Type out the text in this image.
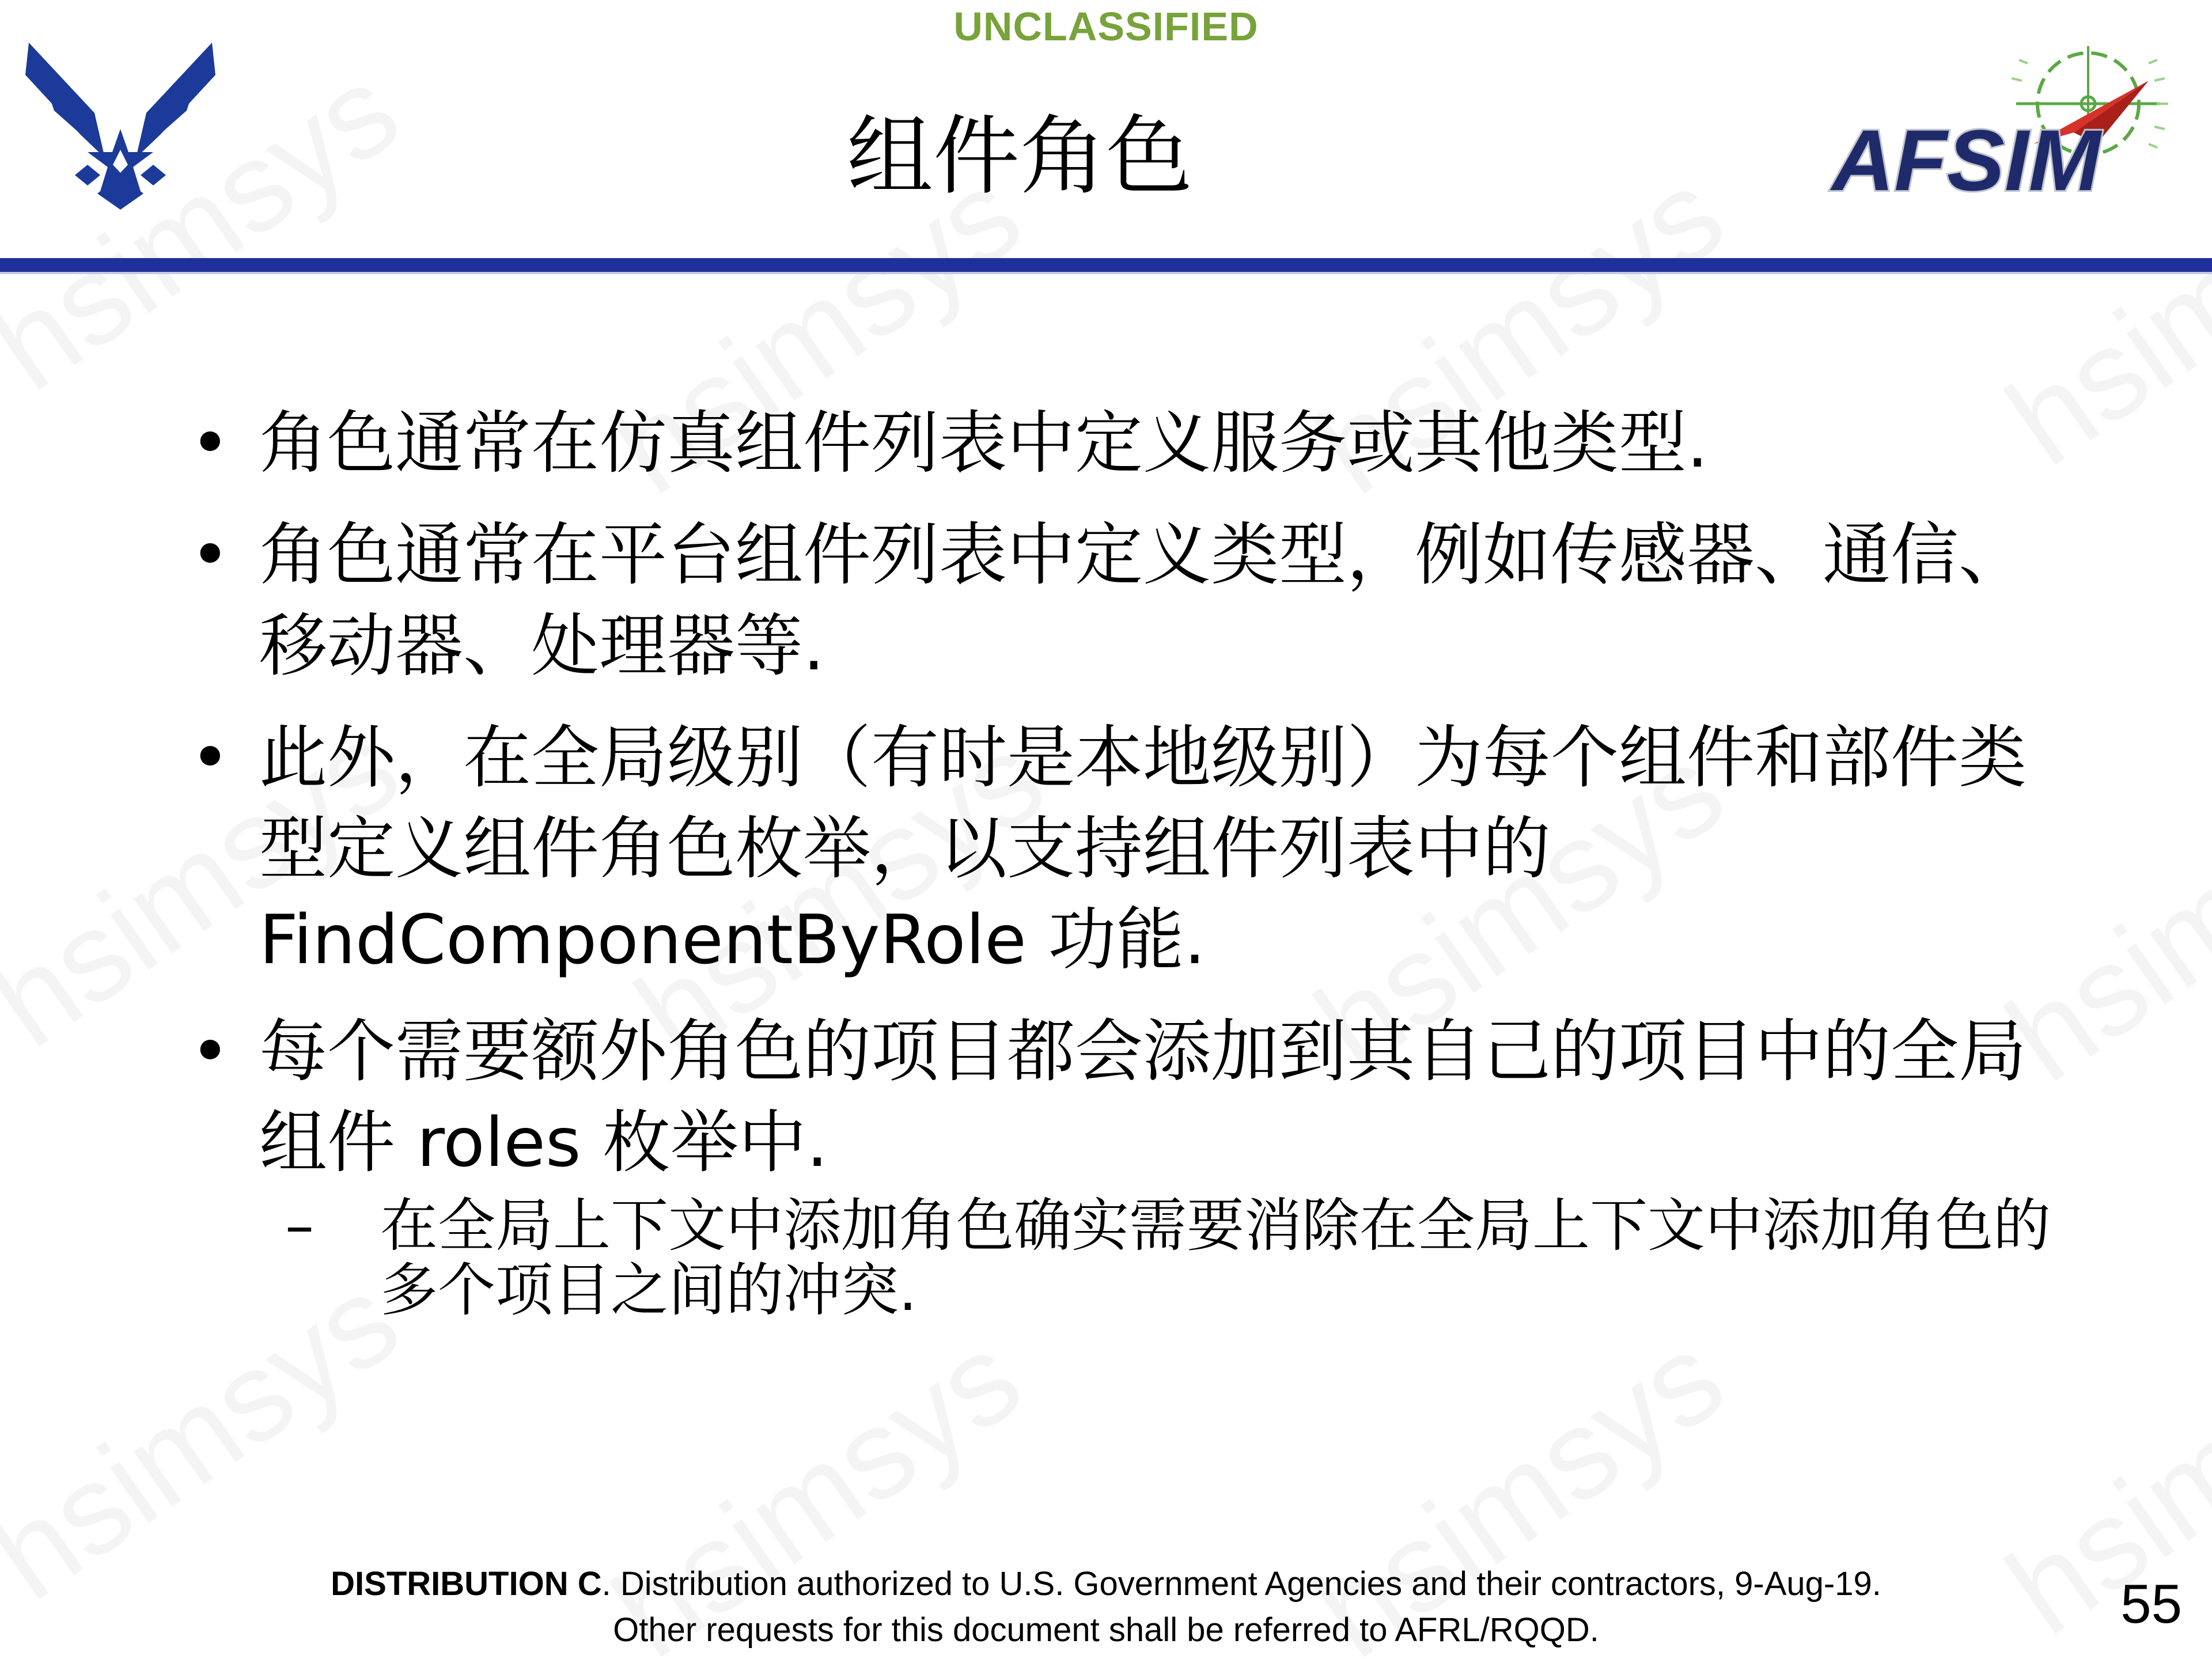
AFSIM
UNCLASSIFIED
组件角色
• 角色通常在仿真组件列表中定义服务或其他类型.
• 角色通常在平台组件列表中定义类型，例如传感器、通信、移动器、处理器等.
• 此外，在全局级别（有时是本地级别）为每个组件和部件类型定义组件角色枚举，以支持组件列表中的 FindComponentByRole 功能.
• 每个需要额外角色的项目都会添加到其自己的项目中的全局组件 roles 枚举中.
– 在全局上下文中添加角色确实需要消除在全局上下文中添加角色的多个项目之间的冲突.
DISTRIBUTION C. Distribution authorized to U.S. Government Agencies and their contractors, 9-Aug-19.
Other requests for this document shall be referred to AFRL/RQQD.	55
